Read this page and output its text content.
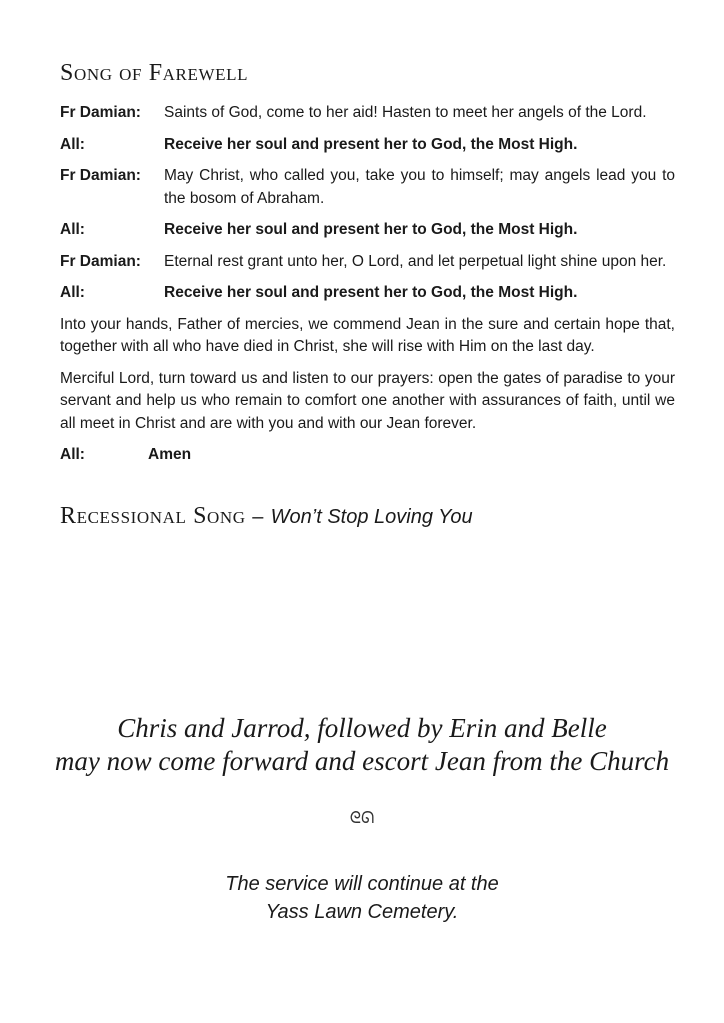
Song of Farewell
Fr Damian:	Saints of God, come to her aid! Hasten to meet her angels of the Lord.
All:	Receive her soul and present her to God, the Most High.
Fr Damian:	May Christ, who called you, take you to himself; may angels lead you to the bosom of Abraham.
All:	Receive her soul and present her to God, the Most High.
Fr Damian:	Eternal rest grant unto her, O Lord, and let perpetual light shine upon her.
All:	Receive her soul and present her to God, the Most High.

Into your hands, Father of mercies, we commend Jean in the sure and certain hope that, together with all who have died in Christ, she will rise with Him on the last day.

Merciful Lord, turn toward us and listen to our prayers: open the gates of paradise to your servant and help us who remain to comfort one another with assurances of faith, until we all meet in Christ and are with you and with our Jean forever.

All:	Amen
Recessional Song – Won’t Stop Loving You
Chris and Jarrod, followed by Erin and Belle
may now come forward and escort Jean from the Church
ᘓᘏ
The service will continue at the
Yass Lawn Cemetery.
